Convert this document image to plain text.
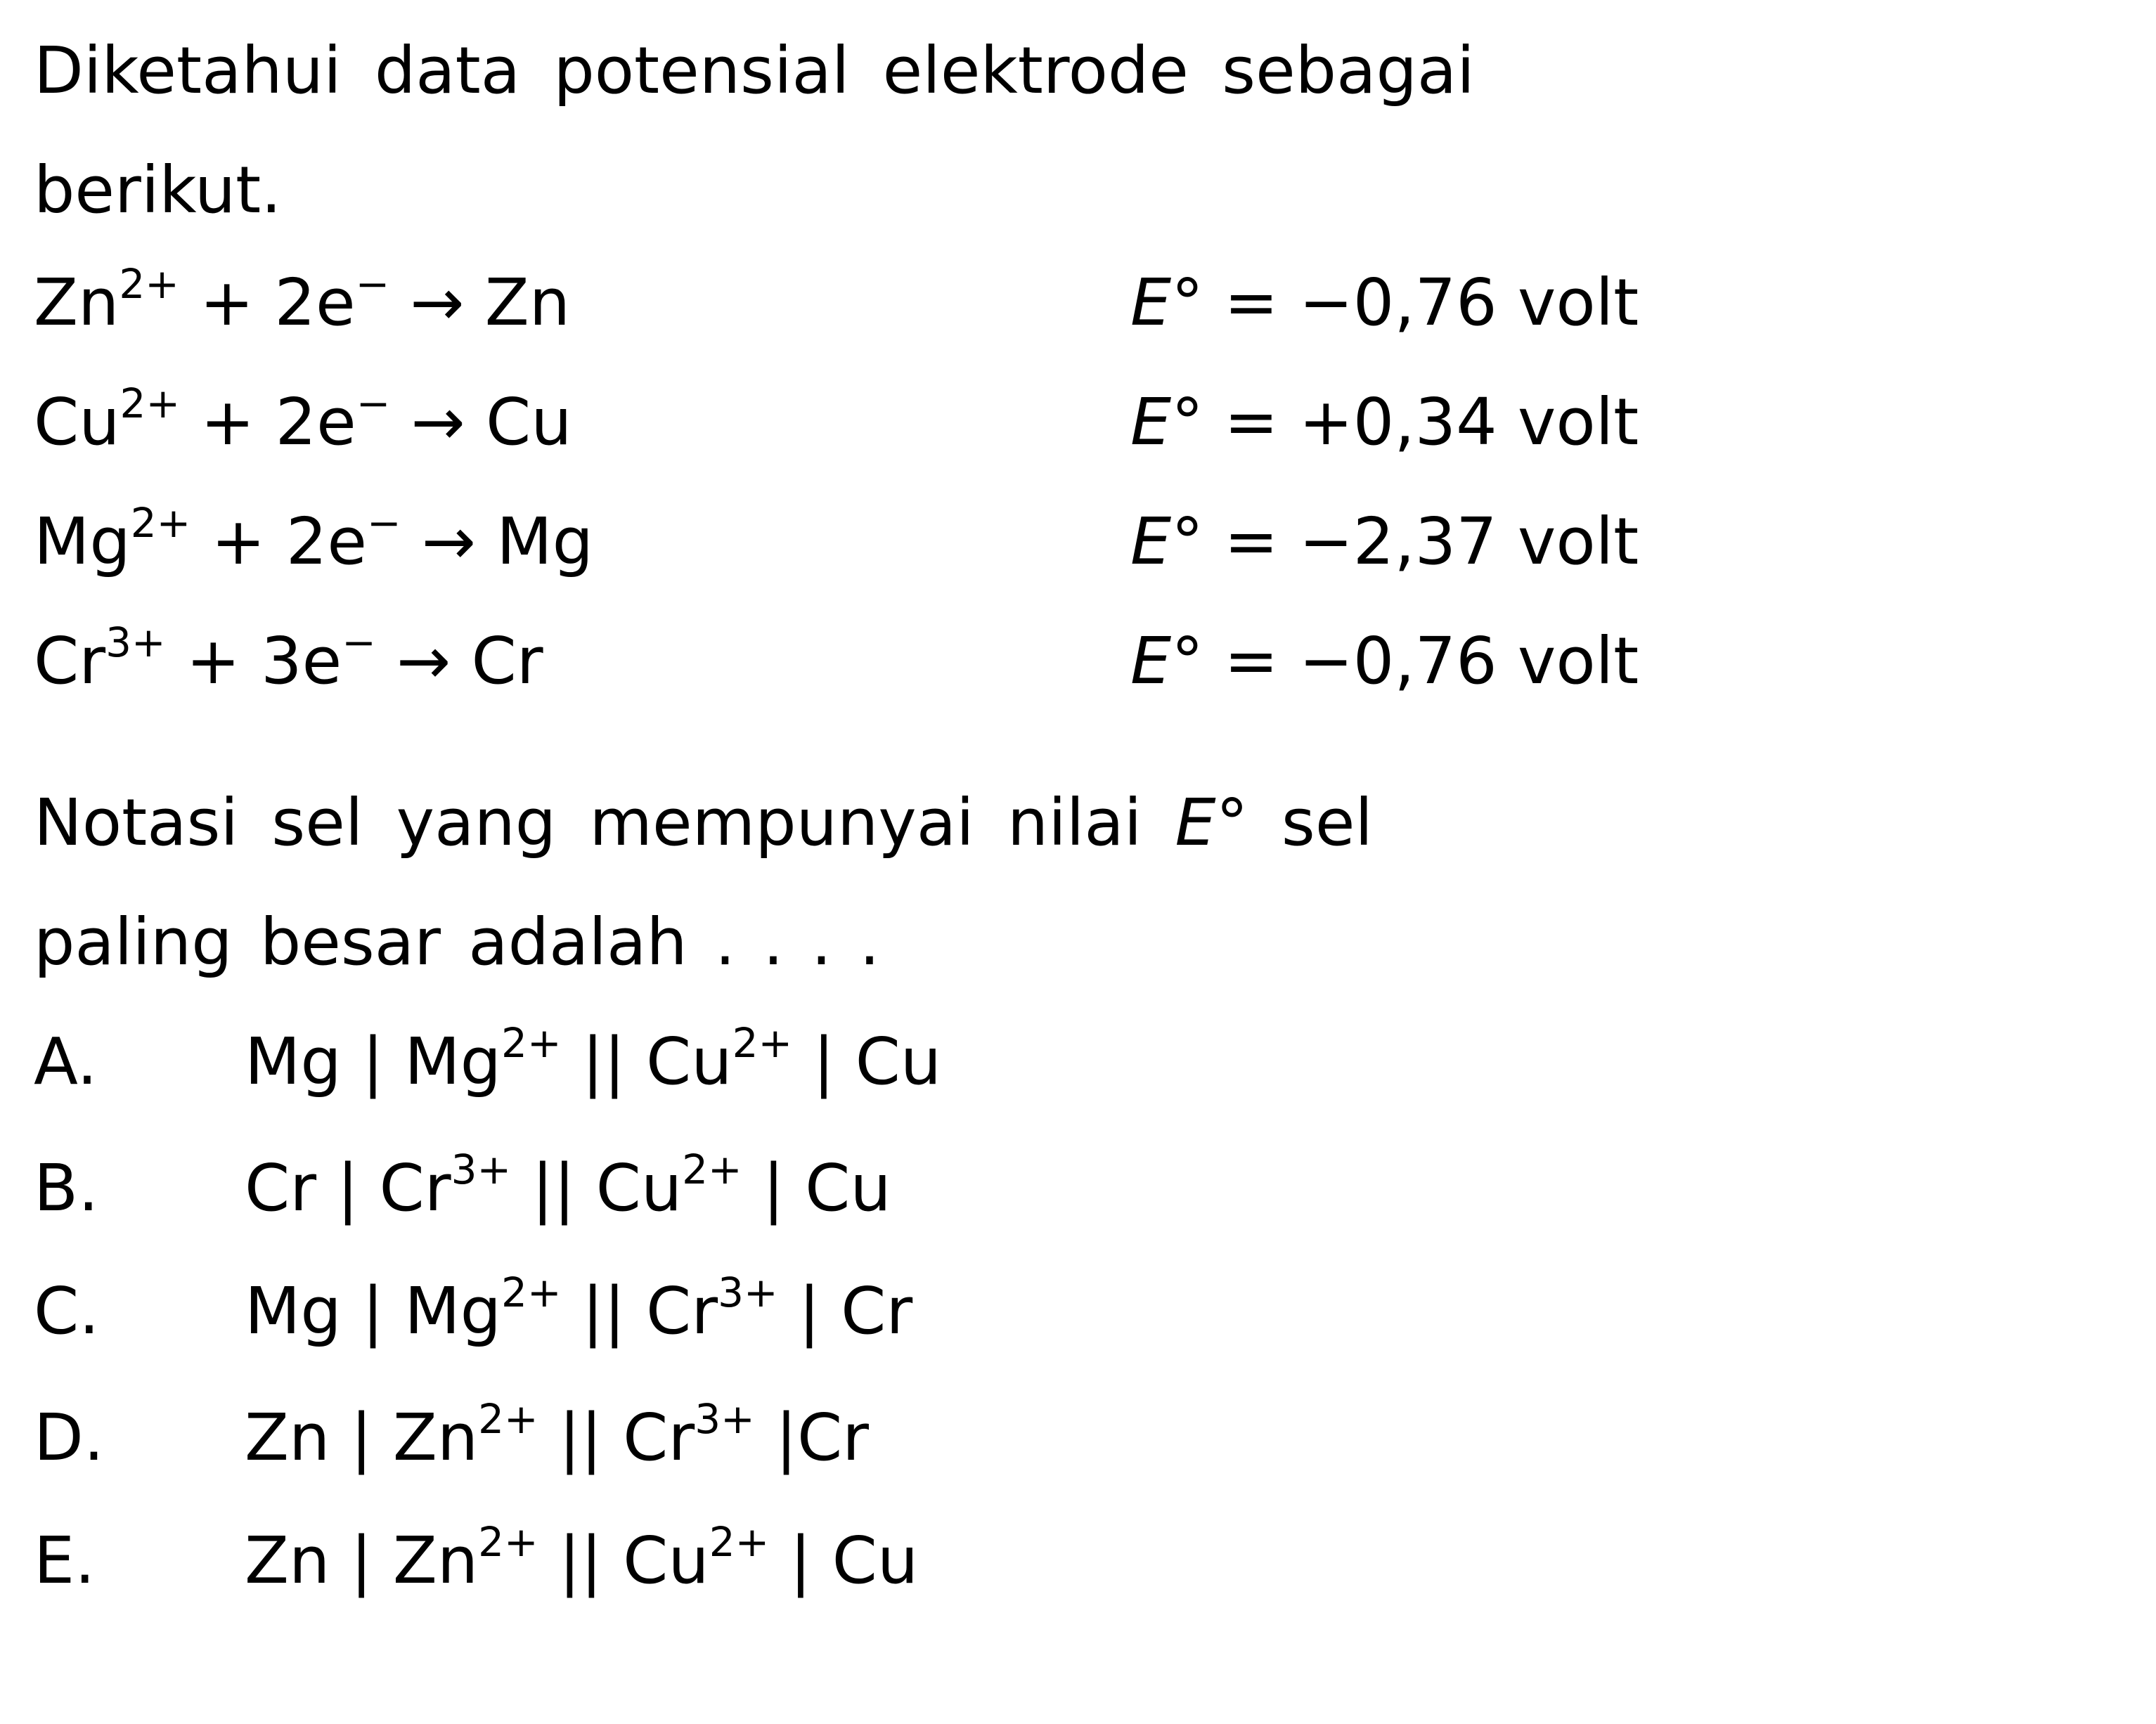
Diketahui data potensial elektrode sebagai
berikut.
$Zn^{2+} + 2e^- \to Zn$	E° = −0,76 volt
$Cu^{2+} + 2e^- \to Cu$	E° = +0,34 volt
$Mg^{2+} + 2e^- \to Mg$	E° = −2,37 volt
$Cr^{3+} + 3e^- \to Cr$	E° = −0,76 volt
Notasi sel yang mempunyai nilai E° sel
paling besar adalah . . . .
A. Mg | $Mg^{2+}$ || $Cu^{2+}$ | Cu
B. Cr | $Cr^{3+}$ || $Cu^{2+}$ | Cu
C. Mg | $Mg^{2+}$ || $Cr^{3+}$ | Cr
D. Zn | $Zn^{2+}$ || $Cr^{3+}$ |Cr
E. Zn | $Zn^{2+}$ || $Cu^{2+}$ | Cu
